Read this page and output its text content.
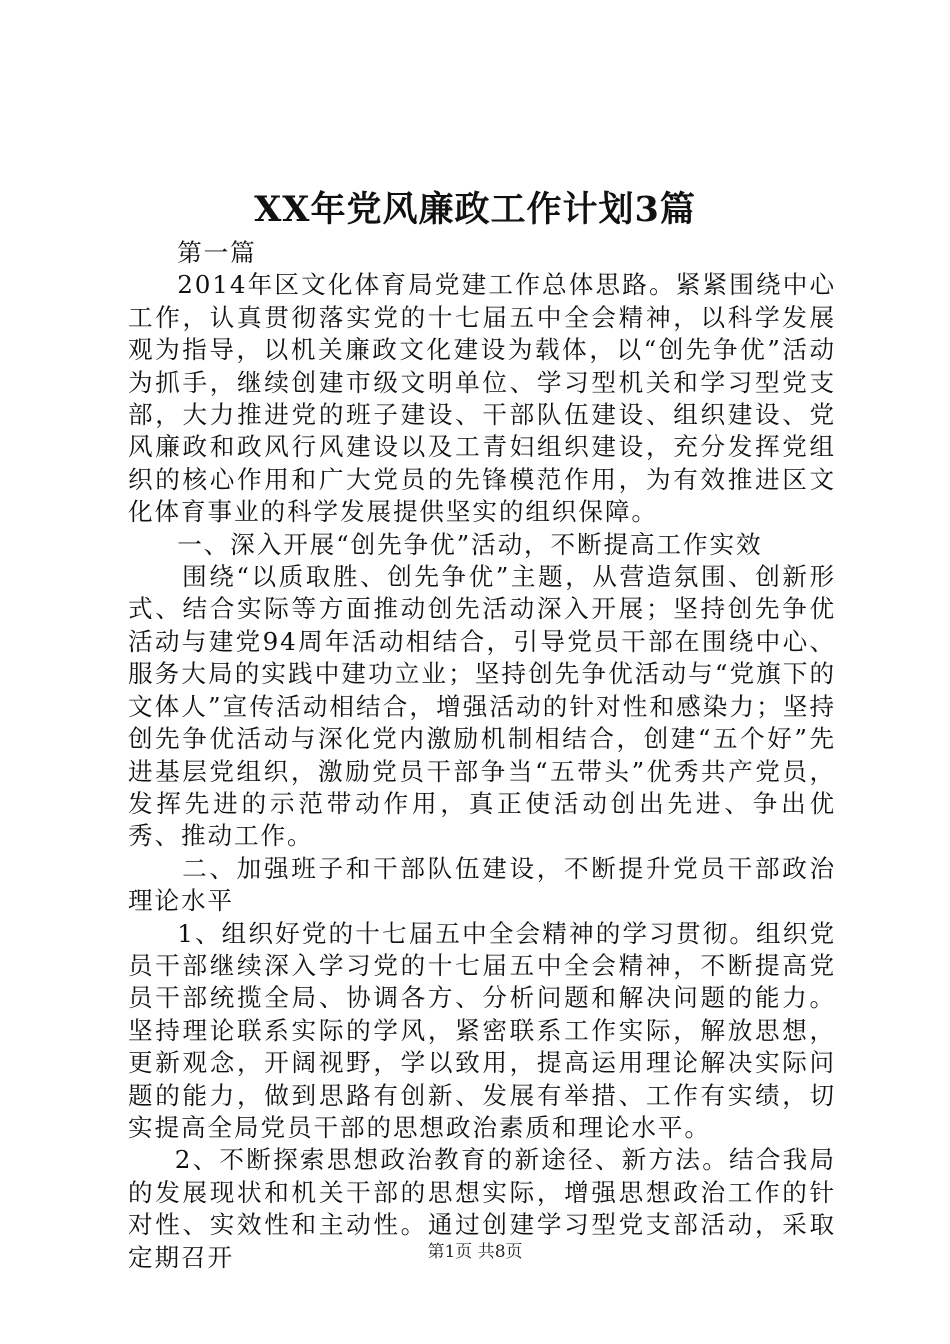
XX年党风廉政工作计划3篇

第一篇

2014年区文化体育局党建工作总体思路。紧紧围绕中心工作，认真贯彻落实党的十七届五中全会精神，以科学发展观为指导，以机关廉政文化建设为载体，以“创先争优”活动为抓手，继续创建市级文明单位、学习型机关和学习型党支部，大力推进党的班子建设、干部队伍建设、组织建设、党风廉政和政风行风建设以及工青妇组织建设，充分发挥党组织的核心作用和广大党员的先锋模范作用，为有效推进区文化体育事业的科学发展提供坚实的组织保障。

一、深入开展“创先争优”活动，不断提高工作实效

围绕“以质取胜、创先争优”主题，从营造氛围、创新形式、结合实际等方面推动创先活动深入开展；坚持创先争优活动与建党94周年活动相结合，引导党员干部在围绕中心、服务大局的实践中建功立业；坚持创先争优活动与“党旗下的文体人”宣传活动相结合，增强活动的针对性和感染力；坚持创先争优活动与深化党内激励机制相结合，创建“五个好”先进基层党组织，激励党员干部争当“五带头”优秀共产党员，发挥先进的示范带动作用，真正使活动创出先进、争出优秀、推动工作。

二、加强班子和干部队伍建设，不断提升党员干部政治理论水平

1、组织好党的十七届五中全会精神的学习贯彻。组织党员干部继续深入学习党的十七届五中全会精神，不断提高党员干部统揽全局、协调各方、分析问题和解决问题的能力。坚持理论联系实际的学风，紧密联系工作实际，解放思想，更新观念，开阔视野，学以致用，提高运用理论解决实际问题的能力，做到思路有创新、发展有举措、工作有实绩，切实提高全局党员干部的思想政治素质和理论水平。

2、不断探索思想政治教育的新途径、新方法。结合我局的发展现状和机关干部的思想实际，增强思想政治工作的针对性、实效性和主动性。通过创建学习型党支部活动，采取定期召开	第1页 共8页
